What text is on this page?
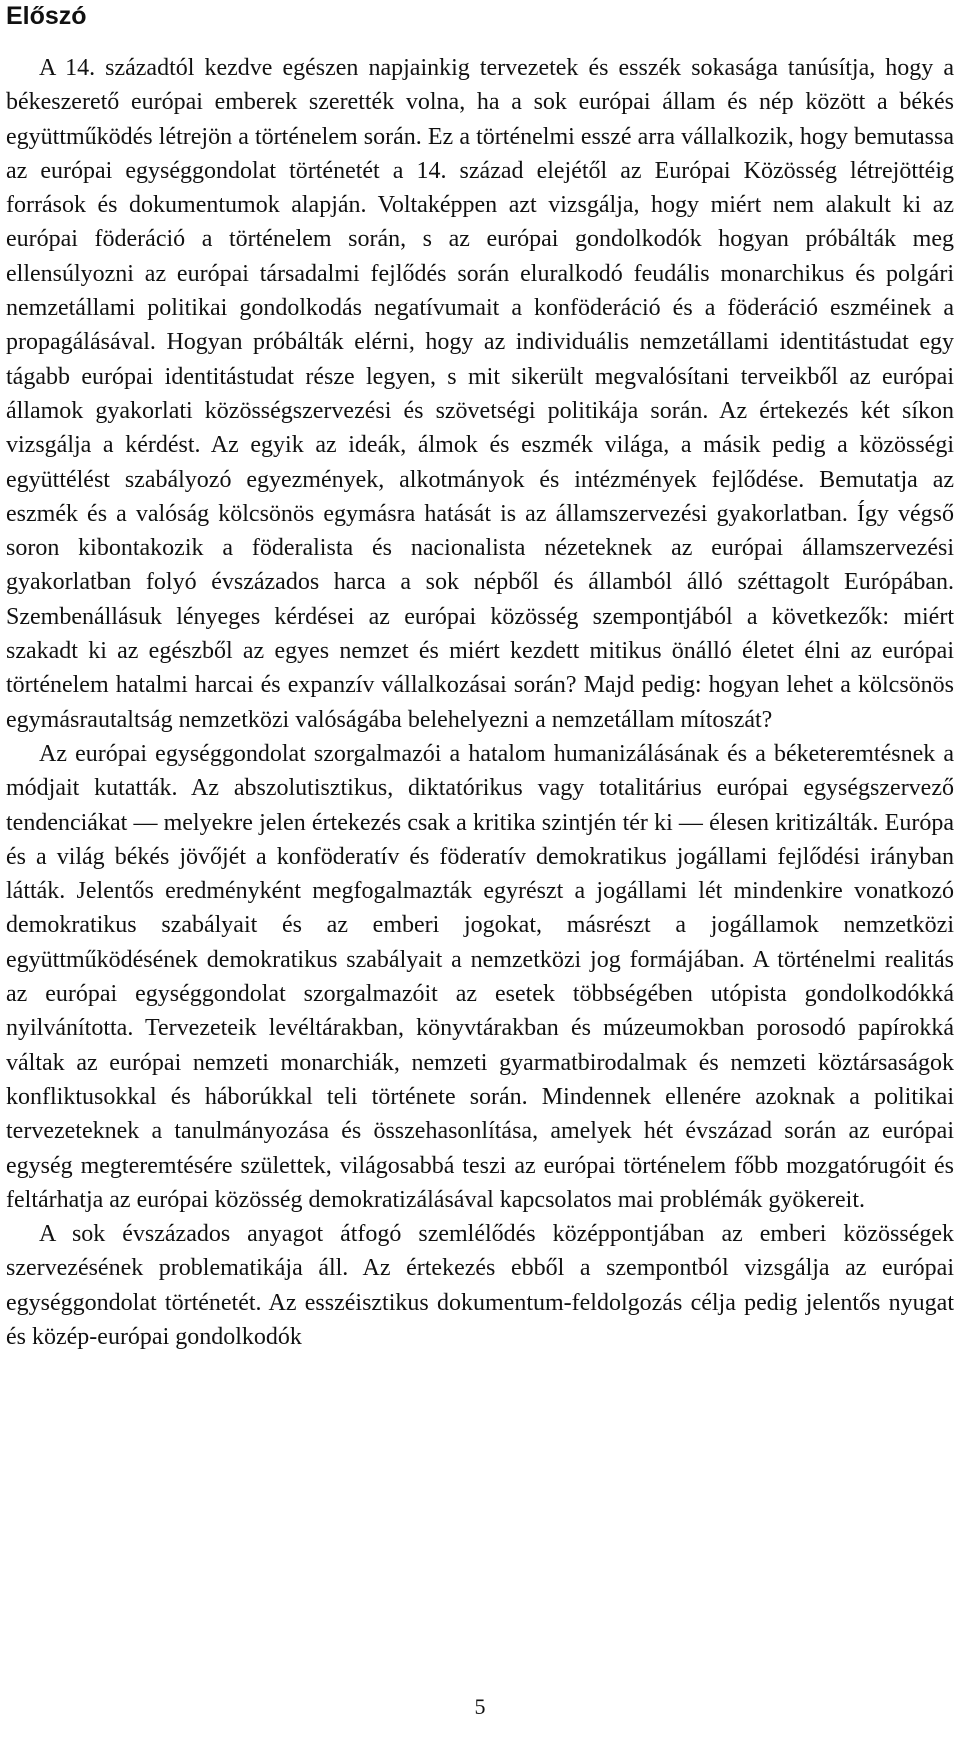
Előszó

A 14. századtól kezdve egészen napjainkig tervezetek és esszék sokasága tanúsítja, hogy a békeszerető európai emberek szerették volna, ha a sok európai állam és nép között a békés együttműködés létrejön a történelem során. Ez a történelmi esszé arra vállalkozik, hogy bemutassa az európai egységgondolat történetét a 14. század elejétől az Európai Közösség létrejöttéig források és dokumentumok alapján. Voltaképpen azt vizsgálja, hogy miért nem alakult ki az európai föderáció a történelem során, s az európai gondolkodók hogyan próbálták meg ellensúlyozni az európai társadalmi fejlődés során eluralkodó feudális monarchikus és polgári nemzetállami politikai gondolkodás negatívumait a konföderáció és a föderáció eszméinek a propagálásával. Hogyan próbálták elérni, hogy az individuális nemzetállami identitástudat egy tágabb európai identitástudat része legyen, s mit sikerült megvalósítani terveikből az európai államok gyakorlati közösségszervezési és szövetségi politikája során. Az értekezés két síkon vizsgálja a kérdést. Az egyik az ideák, álmok és eszmék világa, a másik pedig a közösségi együttélést szabályozó egyezmények, alkotmányok és intézmények fejlődése. Bemutatja az eszmék és a valóság kölcsönös egymásra hatását is az államszervezési gyakorlatban. Így végső soron kibontakozik a föderalista és nacionalista nézeteknek az európai államszervezési gyakorlatban folyó évszázados harca a sok népből és államból álló széttagolt Európában. Szembenállásuk lényeges kérdései az európai közösség szempontjából a következők: miért szakadt ki az egészből az egyes nemzet és miért kezdett mitikus önálló életet élni az európai történelem hatalmi harcai és expanzív vállalkozásai során? Majd pedig: hogyan lehet a kölcsönös egymásrautaltság nemzetközi valóságába belehelyezni a nemzetállam mítoszát?

Az európai egységgondolat szorgalmazói a hatalom humanizálásának és a béketeremtésnek a módjait kutatták. Az abszolutisztikus, diktatórikus vagy totalitárius európai egységszervező tendenciákat — melyekre jelen értekezés csak a kritika szintjén tér ki — élesen kritizálták. Európa és a világ békés jövőjét a konföderatív és föderatív demokratikus jogállami fejlődési irányban látták. Jelentős eredményként megfogalmazták egyrészt a jogállami lét mindenkire vonatkozó demokratikus szabályait és az emberi jogokat, másrészt a jogállamok nemzetközi együttműködésének demokratikus szabályait a nemzetközi jog formájában. A történelmi realitás az európai egységgondolat szorgalmazóit az esetek többségében utópista gondolkodókká nyilvánította. Tervezeteik levéltárakban, könyvtárakban és múzeumokban porosodó papírokká váltak az európai nemzeti monarchiák, nemzeti gyarmatbirodalmak és nemzeti köztársaságok konfliktusokkal és háborúkkal teli története során. Mindennek ellenére azoknak a politikai tervezeteknek a tanulmányozása és összehasonlítása, amelyek hét évszázad során az európai egység megteremtésére születtek, világosabbá teszi az európai történelem főbb mozgatórugóit és feltárhatja az európai közösség demokratizálásával kapcsolatos mai problémák gyökereit.

A sok évszázados anyagot átfogó szemlélődés középpontjában az emberi közösségek szervezésének problematikája áll. Az értekezés ebből a szempontból vizsgálja az európai egységgondolat történetét. Az esszéisztikus dokumentum-feldolgozás célja pedig jelentős nyugat és közép-európai gondolkodók

5
